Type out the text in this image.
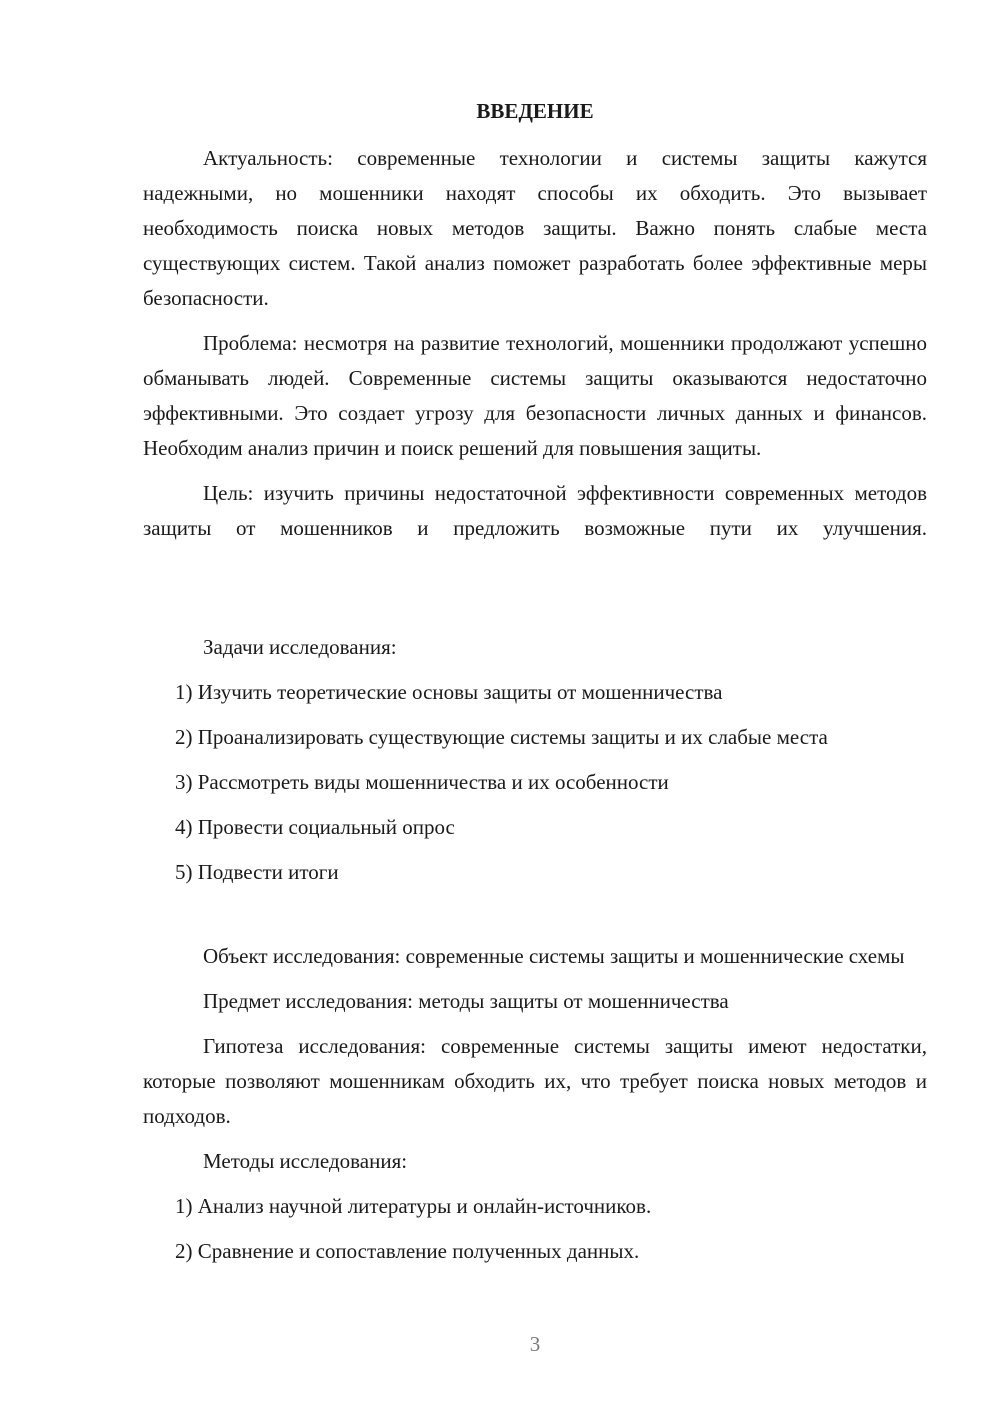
ВВЕДЕНИЕ

Актуальность: современные технологии и системы защиты кажутся надежными, но мошенники находят способы их обходить. Это вызывает необходимость поиска новых методов защиты. Важно понять слабые места существующих систем. Такой анализ поможет разработать более эффективные меры безопасности.

Проблема: несмотря на развитие технологий, мошенники продолжают успешно обманывать людей. Современные системы защиты оказываются недостаточно эффективными. Это создает угрозу для безопасности личных данных и финансов. Необходим анализ причин и поиск решений для повышения защиты.

Цель: изучить причины недостаточной эффективности современных методов защиты от мошенников и предложить возможные пути их улучшения.

Задачи исследования:

1) Изучить теоретические основы защиты от мошенничества

2) Проанализировать существующие системы защиты и их слабые места

3) Рассмотреть виды мошенничества и их особенности

4) Провести социальный опрос

5) Подвести итоги

Объект исследования: современные системы защиты и мошеннические схемы

Предмет исследования: методы защиты от мошенничества

Гипотеза исследования: современные системы защиты имеют недостатки, которые позволяют мошенникам обходить их, что требует поиска новых методов и подходов.

Методы исследования:

1) Анализ научной литературы и онлайн-источников.

2) Сравнение и сопоставление полученных данных.

3
